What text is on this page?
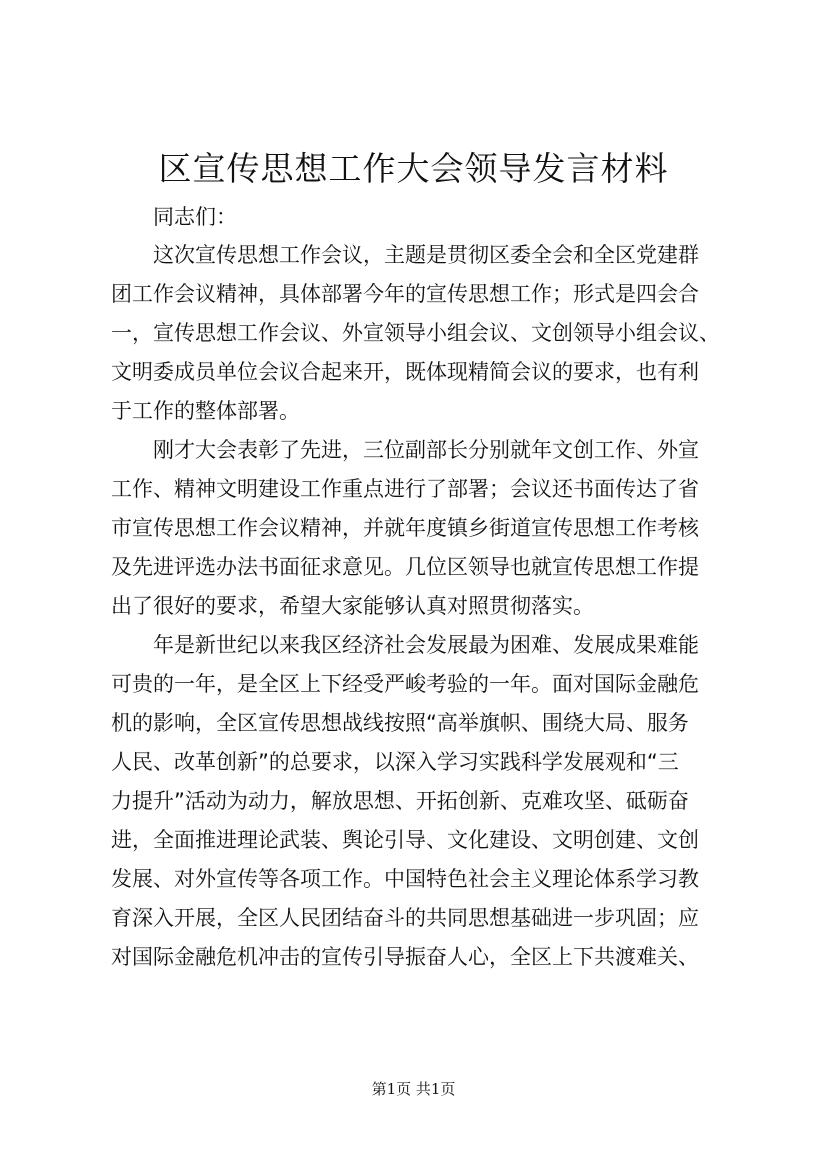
区宣传思想工作大会领导发言材料
同志们：
这次宣传思想工作会议，主题是贯彻区委全会和全区党建群
团工作会议精神，具体部署今年的宣传思想工作；形式是四会合
一，宣传思想工作会议、外宣领导小组会议、文创领导小组会议、
文明委成员单位会议合起来开，既体现精简会议的要求，也有利
于工作的整体部署。
刚才大会表彰了先进，三位副部长分别就年文创工作、外宣
工作、精神文明建设工作重点进行了部署；会议还书面传达了省
市宣传思想工作会议精神，并就年度镇乡街道宣传思想工作考核
及先进评选办法书面征求意见。几位区领导也就宣传思想工作提
出了很好的要求，希望大家能够认真对照贯彻落实。
年是新世纪以来我区经济社会发展最为困难、发展成果难能
可贵的一年，是全区上下经受严峻考验的一年。面对国际金融危
机的影响，全区宣传思想战线按照“高举旗帜、围绕大局、服务
人民、改革创新”的总要求，以深入学习实践科学发展观和“三
力提升”活动为动力，解放思想、开拓创新、克难攻坚、砥砺奋
进，全面推进理论武装、舆论引导、文化建设、文明创建、文创
发展、对外宣传等各项工作。中国特色社会主义理论体系学习教
育深入开展，全区人民团结奋斗的共同思想基础进一步巩固；应
对国际金融危机冲击的宣传引导振奋人心，全区上下共渡难关、
第1页 共1页
